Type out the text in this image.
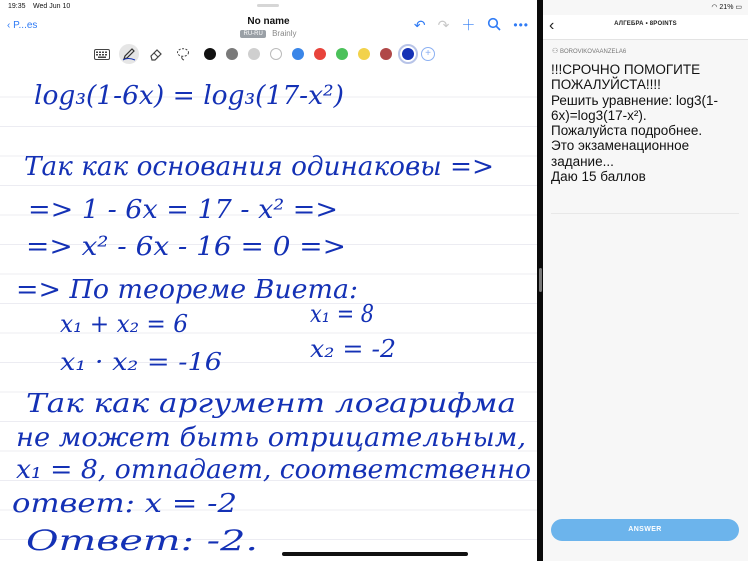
19:35 Wed Jun 10
‹ P...es	No name
RU-RU Brainly
↶ ↷ ＋	•••
+
log₃(1-6x) = log₃(17-x²)
Так как основания одинаковы =>
=> 1 - 6x = 17 - x² =>
=> x² - 6x - 16 = 0 =>
=> По теореме Виета:
x₁ + x₂ = 6
x₁ · x₂ = -16
x₁ = 8
x₂ = -2
Так как аргумент логарифма
не может быть отрицательным,
x₁ = 8, отпадает, соответственно
ответ: x = -2
Ответ: -2.
◠ 21% ▭
‹	АЛГЕБРА • 8POINTS
⚇ BOROVIKOVAANZELA6
!!!СРОЧНО ПОМОГИТЕ ПОЖАЛУЙСТА!!!!
Решить уравнение: log3(1-6x)=log3(17-x²).
Пожалуйста подробнее.
Это экзаменационное задание...
Даю 15 баллов
ANSWER
